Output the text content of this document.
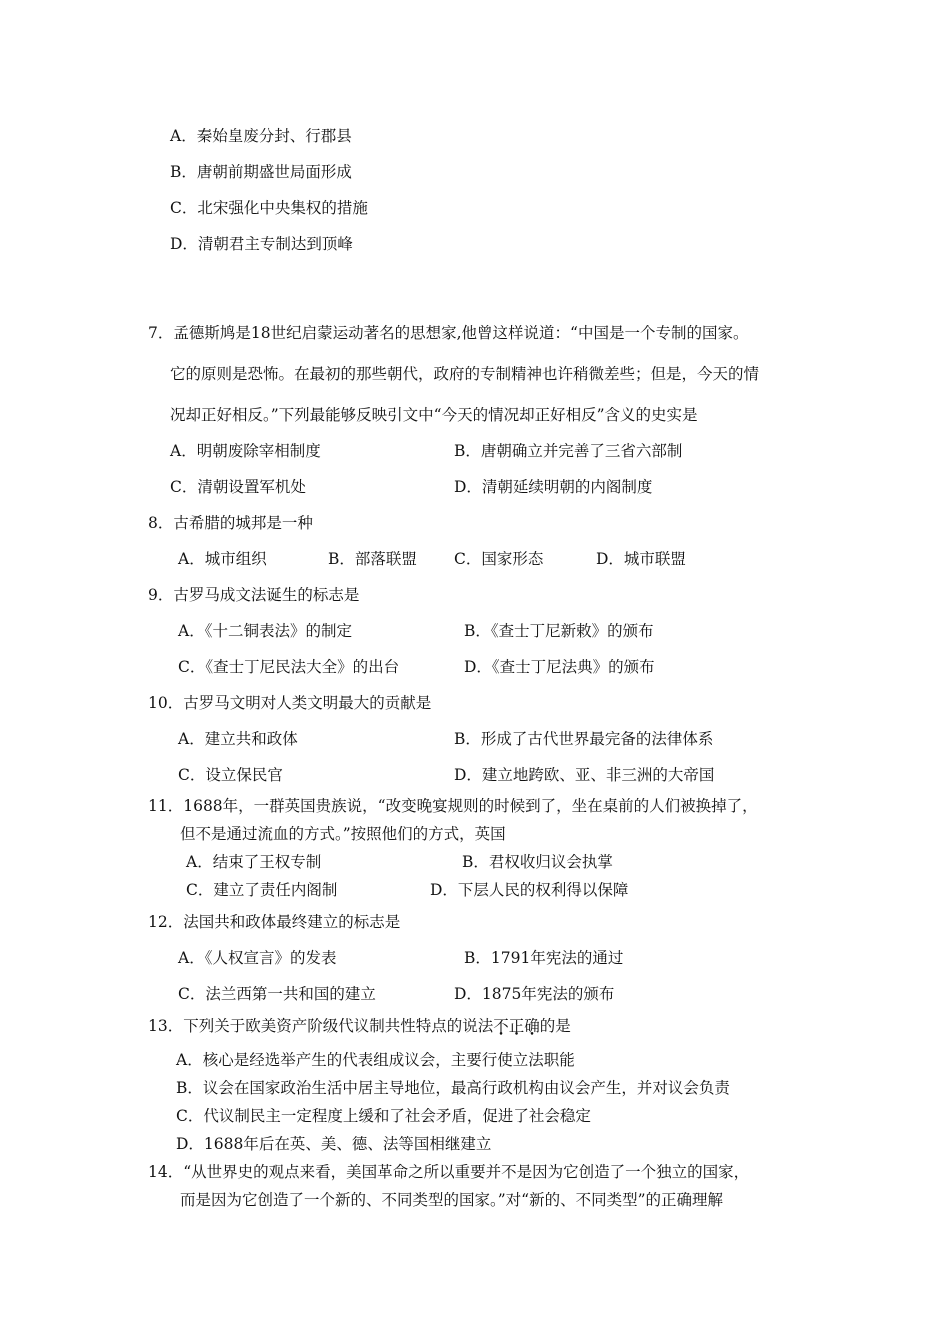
A．秦始皇废分封、行郡县
B．唐朝前期盛世局面形成
C．北宋强化中央集权的措施
D．清朝君主专制达到顶峰
7．孟德斯鸠是18世纪启蒙运动著名的思想家,他曾这样说道：“中国是一个专制的国家。
它的原则是恐怖。在最初的那些朝代，政府的专制精神也许稍微差些；但是，今天的情
况却正好相反。”下列最能够反映引文中“今天的情况却正好相反”含义的史实是
A．明朝废除宰相制度	B．唐朝确立并完善了三省六部制
C．清朝设置军机处	D．清朝延续明朝的内阁制度
8．古希腊的城邦是一种
A．城市组织	B．部落联盟 C．国家形态	D．城市联盟
9．古罗马成文法诞生的标志是
A．《十二铜表法》的制定	B．《查士丁尼新敕》的颁布
C．《查士丁尼民法大全》的出台	D．《查士丁尼法典》的颁布
10．古罗马文明对人类文明最大的贡献是
A．建立共和政体	B．形成了古代世界最完备的法律体系
C．设立保民官	D．建立地跨欧、亚、非三洲的大帝国
11．1688年，一群英国贵族说，“改变晚宴规则的时候到了，坐在桌前的人们被换掉了，
但不是通过流血的方式。”按照他们的方式，英国
A．结束了王权专制	B．君权收归议会执掌
C．建立了责任内阁制	D．下层人民的权利得以保障
12．法国共和政体最终建立的标志是
A．《人权宣言》的发表	B．1791年宪法的通过
C．法兰西第一共和国的建立	D．1875年宪法的颁布
13．下列关于欧美资产阶级代议制共性特点的说法不正确的是
A．核心是经选举产生的代表组成议会，主要行使立法职能
B．议会在国家政治生活中居主导地位，最高行政机构由议会产生，并对议会负责
C．代议制民主一定程度上缓和了社会矛盾，促进了社会稳定
D．1688年后在英、美、德、法等国相继建立
14．“从世界史的观点来看，美国革命之所以重要并不是因为它创造了一个独立的国家，
而是因为它创造了一个新的、不同类型的国家。”对“新的、不同类型”的正确理解
